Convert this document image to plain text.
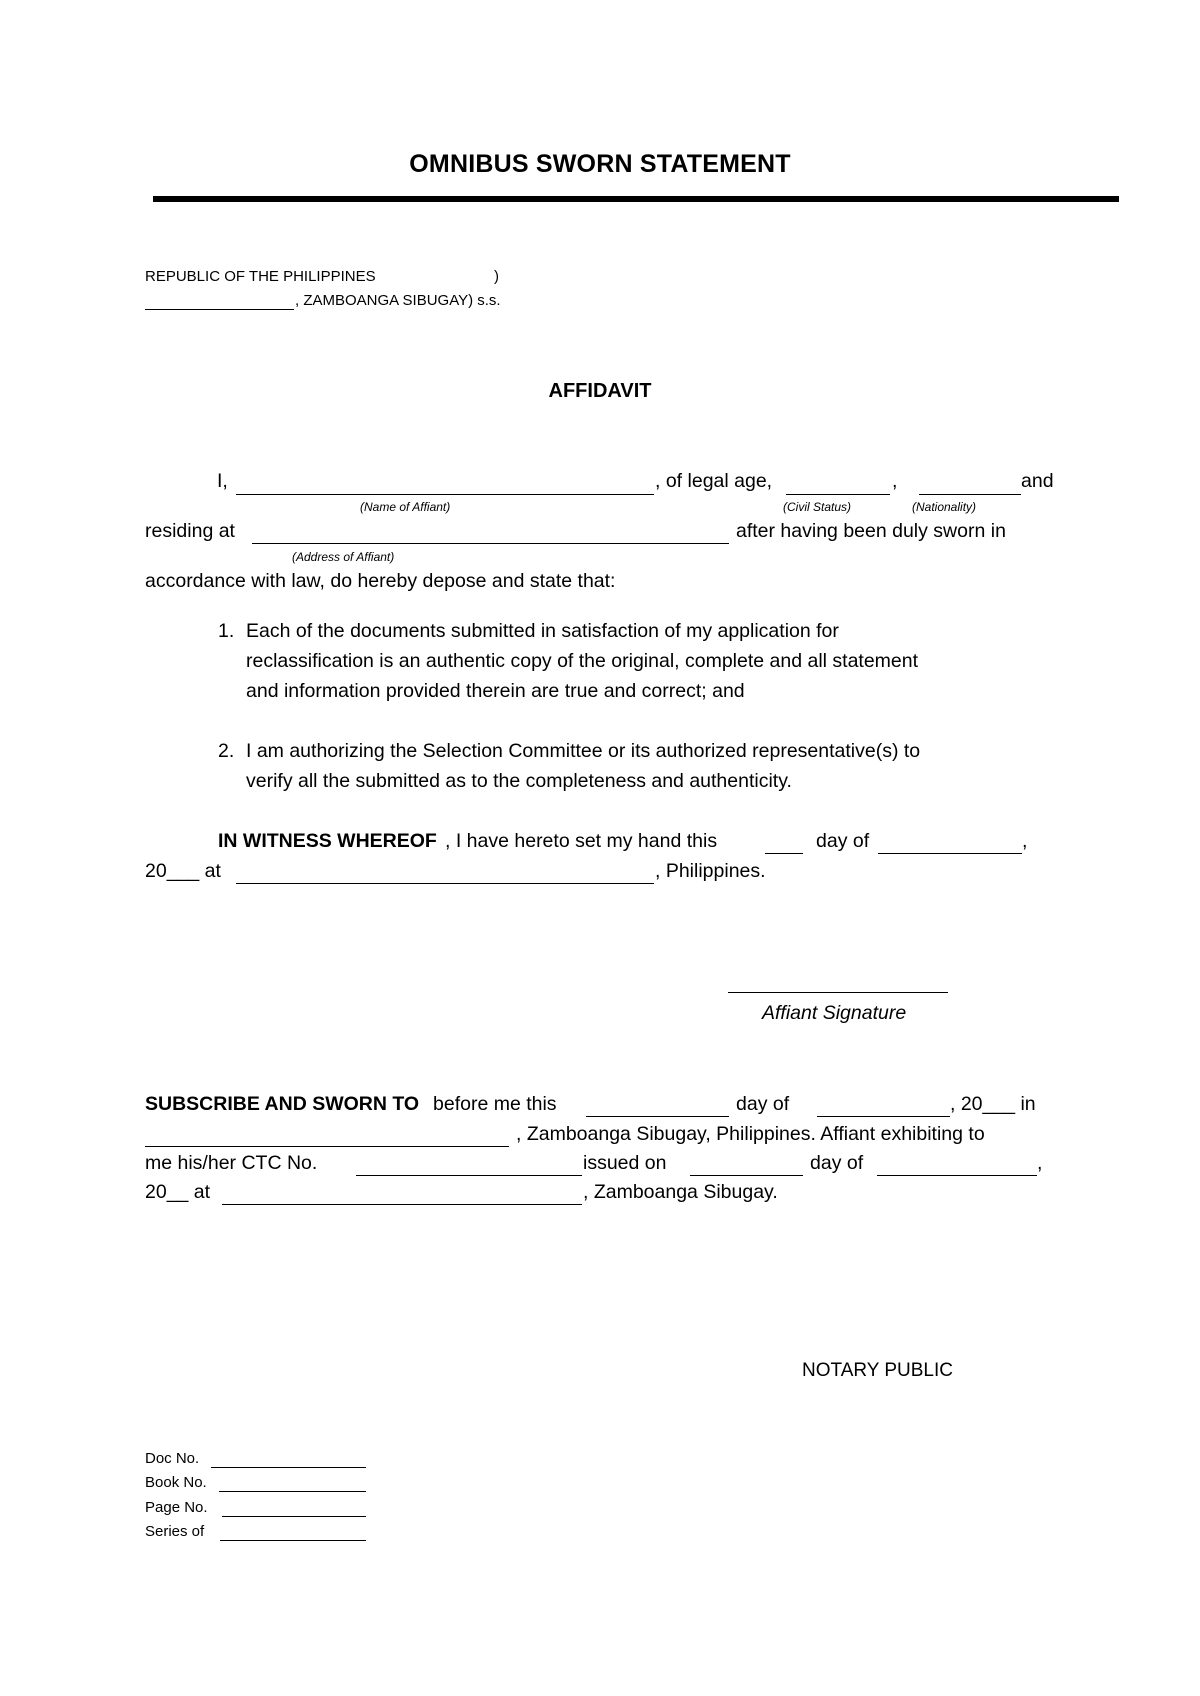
OMNIBUS SWORN STATEMENT
REPUBLIC OF THE PHILIPPINES	)
, ZAMBOANGA SIBUGAY) s.s.
AFFIDAVIT
I,	, of legal age,	,	and
(Name of Affiant)	(Civil Status)	(Nationality)
residing at	after having been duly sworn in
(Address of Affiant)
accordance with law, do hereby depose and state that:
1. Each of the documents submitted in satisfaction of my application for
reclassification is an authentic copy of the original, complete and all statement
and information provided therein are true and correct; and
2. I am authorizing the Selection Committee or its authorized representative(s) to
verify all the submitted as to the completeness and authenticity.
IN WITNESS WHEREOF , I have hereto set my hand this	day of	,
20___ at	, Philippines.
Affiant Signature
SUBSCRIBE AND SWORN TO before me this	day of	, 20___ in
, Zamboanga Sibugay, Philippines. Affiant exhibiting to
me his/her CTC No.	issued on	day of	,
20__ at	, Zamboanga Sibugay.
NOTARY PUBLIC
Doc No.
Book No.
Page No.
Series of
